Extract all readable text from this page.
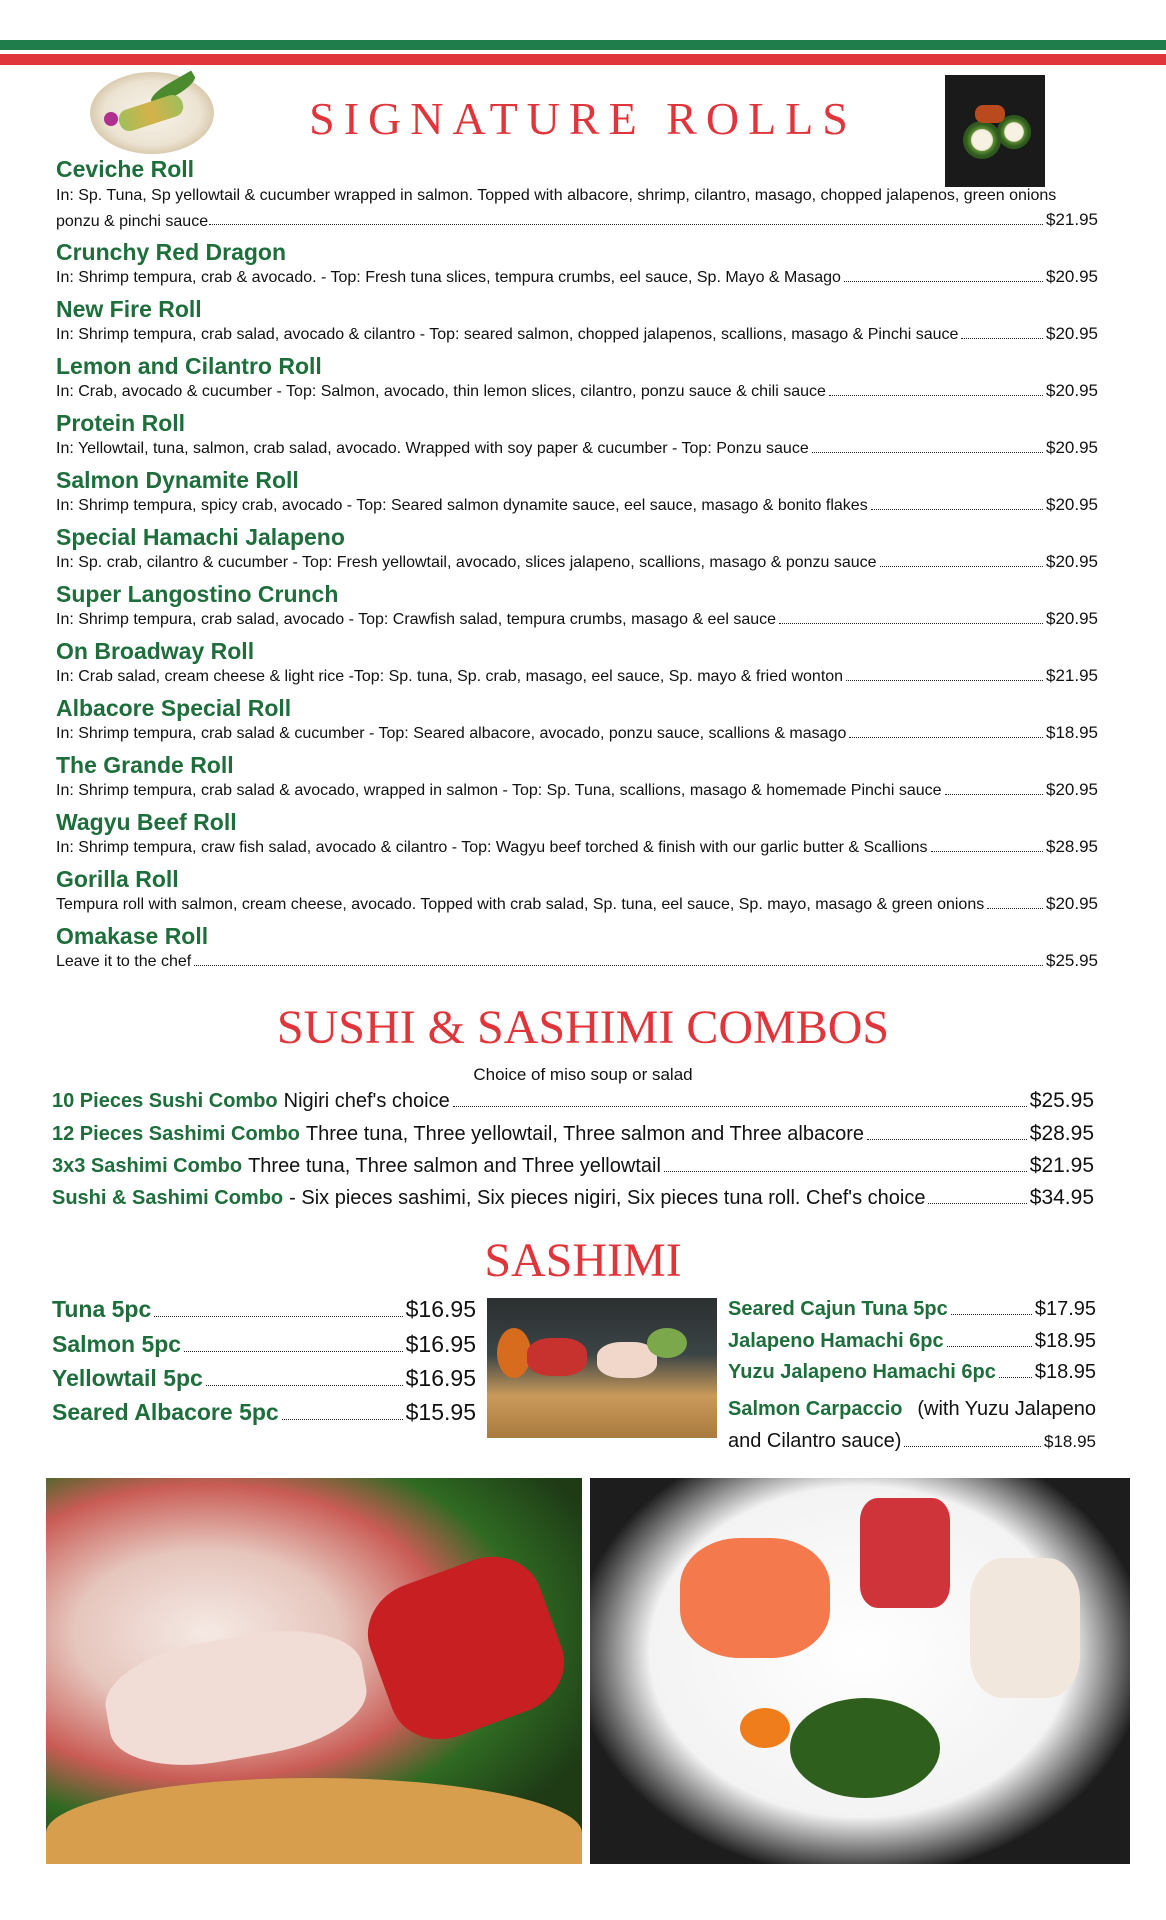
SIGNATURE ROLLS
Ceviche Roll
In: Sp. Tuna, Sp yellowtail & cucumber wrapped in salmon. Topped with albacore, shrimp, cilantro, masago, chopped jalapenos, green onions ponzu & pinchi sauce	$21.95
Crunchy Red Dragon
In: Shrimp tempura, crab & avocado. - Top: Fresh tuna slices, tempura crumbs, eel sauce, Sp. Mayo & Masago	$20.95
New Fire Roll
In: Shrimp tempura, crab salad, avocado & cilantro - Top: seared salmon, chopped jalapenos, scallions, masago & Pinchi sauce	$20.95
Lemon and Cilantro Roll
In: Crab, avocado & cucumber - Top: Salmon, avocado, thin lemon slices, cilantro, ponzu sauce & chili sauce	$20.95
Protein Roll
In: Yellowtail, tuna, salmon, crab salad, avocado. Wrapped with soy paper & cucumber - Top: Ponzu sauce	$20.95
Salmon Dynamite Roll
In: Shrimp tempura, spicy crab, avocado - Top: Seared salmon dynamite sauce, eel sauce, masago & bonito flakes	$20.95
Special Hamachi Jalapeno
In: Sp. crab, cilantro & cucumber - Top: Fresh yellowtail, avocado, slices jalapeno, scallions, masago & ponzu sauce	$20.95
Super Langostino Crunch
In: Shrimp tempura, crab salad, avocado - Top: Crawfish salad, tempura crumbs, masago & eel sauce	$20.95
On Broadway Roll
In: Crab salad, cream cheese & light rice -Top: Sp. tuna, Sp. crab, masago, eel sauce, Sp. mayo & fried wonton	$21.95
Albacore Special Roll
In: Shrimp tempura, crab salad & cucumber - Top: Seared albacore, avocado, ponzu sauce, scallions & masago	$18.95
The Grande Roll
In: Shrimp tempura, crab salad & avocado, wrapped in salmon - Top: Sp. Tuna, scallions, masago & homemade Pinchi sauce	$20.95
Wagyu Beef Roll
In: Shrimp tempura, craw fish salad, avocado & cilantro - Top: Wagyu beef torched & finish with our garlic butter & Scallions	$28.95
Gorilla Roll
Tempura roll with salmon, cream cheese, avocado. Topped with crab salad, Sp. tuna, eel sauce, Sp. mayo, masago & green onions	$20.95
Omakase Roll
Leave it to the chef	$25.95
SUSHI & SASHIMI COMBOS
Choice of miso soup or salad
10 Pieces Sushi Combo Nigiri chef's choice	$25.95
12 Pieces Sashimi Combo Three tuna, Three yellowtail, Three salmon and Three albacore	$28.95
3x3 Sashimi Combo Three tuna, Three salmon and Three yellowtail	$21.95
Sushi & Sashimi Combo - Six pieces sashimi, Six pieces nigiri, Six pieces tuna roll. Chef's choice	$34.95
SASHIMI
Tuna 5pc	$16.95
Salmon 5pc	$16.95
Yellowtail 5pc	$16.95
Seared Albacore 5pc	$15.95
Seared Cajun Tuna 5pc	$17.95
Jalapeno Hamachi 6pc	$18.95
Yuzu Jalapeno Hamachi 6pc $18.95
Salmon Carpaccio (with Yuzu Jalapeno
and Cilantro sauce)	$18.95
